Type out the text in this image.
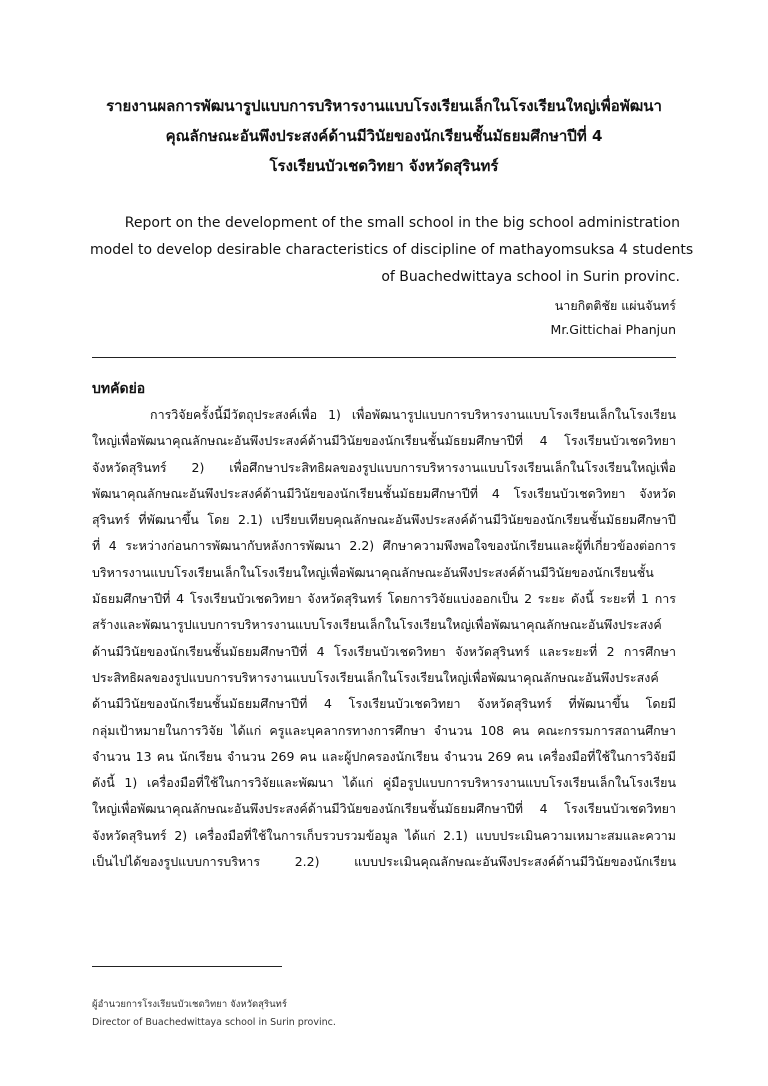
รายงานผลการพัฒนารูปแบบการบริหารงานแบบโรงเรียนเล็กในโรงเรียนใหญ่เพื่อพัฒนา
คุณลักษณะอันพึงประสงค์ด้านมีวินัยของนักเรียนชั้นมัธยมศึกษาปีที่ 4
โรงเรียนบัวเชดวิทยา จังหวัดสุรินทร์
Report on the development of the small school in the big school administration
model to develop desirable characteristics of discipline of mathayomsuksa 4 students
of Buachedwittaya school in Surin provinc.
นายกิตติชัย แผ่นจันทร์
Mr.Gittichai Phanjun
บทคัดย่อ
การวิจัยครั้งนี้มีวัตถุประสงค์เพื่อ 1) เพื่อพัฒนารูปแบบการบริหารงานแบบโรงเรียนเล็กในโรงเรียน
ใหญ่เพื่อพัฒนาคุณลักษณะอันพึงประสงค์ด้านมีวินัยของนักเรียนชั้นมัธยมศึกษาปีที่ 4 โรงเรียนบัวเชดวิทยา
จังหวัดสุรินทร์ 2) เพื่อศึกษาประสิทธิผลของรูปแบบการบริหารงานแบบโรงเรียนเล็กในโรงเรียนใหญ่เพื่อ
พัฒนาคุณลักษณะอันพึงประสงค์ด้านมีวินัยของนักเรียนชั้นมัธยมศึกษาปีที่ 4 โรงเรียนบัวเชดวิทยา จังหวัด
สุรินทร์ ที่พัฒนาขึ้น โดย 2.1) เปรียบเทียบคุณลักษณะอันพึงประสงค์ด้านมีวินัยของนักเรียนชั้นมัธยมศึกษาปี
ที่ 4 ระหว่างก่อนการพัฒนากับหลังการพัฒนา 2.2) ศึกษาความพึงพอใจของนักเรียนและผู้ที่เกี่ยวข้องต่อการ
บริหารงานแบบโรงเรียนเล็กในโรงเรียนใหญ่เพื่อพัฒนาคุณลักษณะอันพึงประสงค์ด้านมีวินัยของนักเรียนชั้น
มัธยมศึกษาปีที่ 4 โรงเรียนบัวเชดวิทยา จังหวัดสุรินทร์ โดยการวิจัยแบ่งออกเป็น 2 ระยะ ดังนี้ ระยะที่ 1 การ
สร้างและพัฒนารูปแบบการบริหารงานแบบโรงเรียนเล็กในโรงเรียนใหญ่เพื่อพัฒนาคุณลักษณะอันพึงประสงค์
ด้านมีวินัยของนักเรียนชั้นมัธยมศึกษาปีที่ 4 โรงเรียนบัวเชดวิทยา จังหวัดสุรินทร์ และระยะที่ 2 การศึกษา
ประสิทธิผลของรูปแบบการบริหารงานแบบโรงเรียนเล็กในโรงเรียนใหญ่เพื่อพัฒนาคุณลักษณะอันพึงประสงค์
ด้านมีวินัยของนักเรียนชั้นมัธยมศึกษาปีที่ 4 โรงเรียนบัวเชดวิทยา จังหวัดสุรินทร์ ที่พัฒนาขึ้น โดยมี
กลุ่มเป้าหมายในการวิจัย ได้แก่ ครูและบุคลากรทางการศึกษา จำนวน 108 คน คณะกรรมการสถานศึกษา
จำนวน 13 คน นักเรียน จำนวน 269 คน และผู้ปกครองนักเรียน จำนวน 269 คน เครื่องมือที่ใช้ในการวิจัยมี
ดังนี้ 1) เครื่องมือที่ใช้ในการวิจัยและพัฒนา ได้แก่ คู่มือรูปแบบการบริหารงานแบบโรงเรียนเล็กในโรงเรียน
ใหญ่เพื่อพัฒนาคุณลักษณะอันพึงประสงค์ด้านมีวินัยของนักเรียนชั้นมัธยมศึกษาปีที่ 4 โรงเรียนบัวเชดวิทยา
จังหวัดสุรินทร์ 2) เครื่องมือที่ใช้ในการเก็บรวบรวมข้อมูล ได้แก่ 2.1) แบบประเมินความเหมาะสมและความ
เป็นไปได้ของรูปแบบการบริหาร 2.2) แบบประเมินคุณลักษณะอันพึงประสงค์ด้านมีวินัยของนักเรียน
ผู้อำนวยการโรงเรียนบัวเชดวิทยา จังหวัดสุรินทร์
Director of Buachedwittaya school in Surin provinc.
